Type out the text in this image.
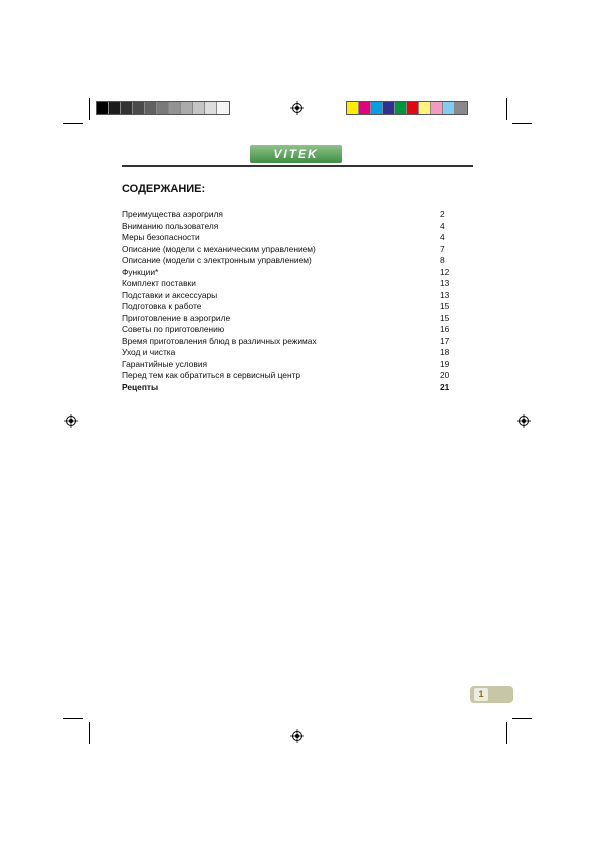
VITEK
СОДЕРЖАНИЕ:
Преимущества аэрогриля	2
Вниманию пользователя	4
Меры безопасности	4
Описание (модели с механическим управлением)	7
Описание (модели с электронным управлением)	8
Функции*	12
Комплект поставки	13
Подставки и аксессуары	13
Подготовка к работе	15
Приготовление в аэрогриле	15
Советы по приготовлению	16
Время приготовления блюд в различных режимах	17
Уход и чистка	18
Гарантийные условия	19
Перед тем как обратиться в сервисный центр	20
Рецепты	21
1
